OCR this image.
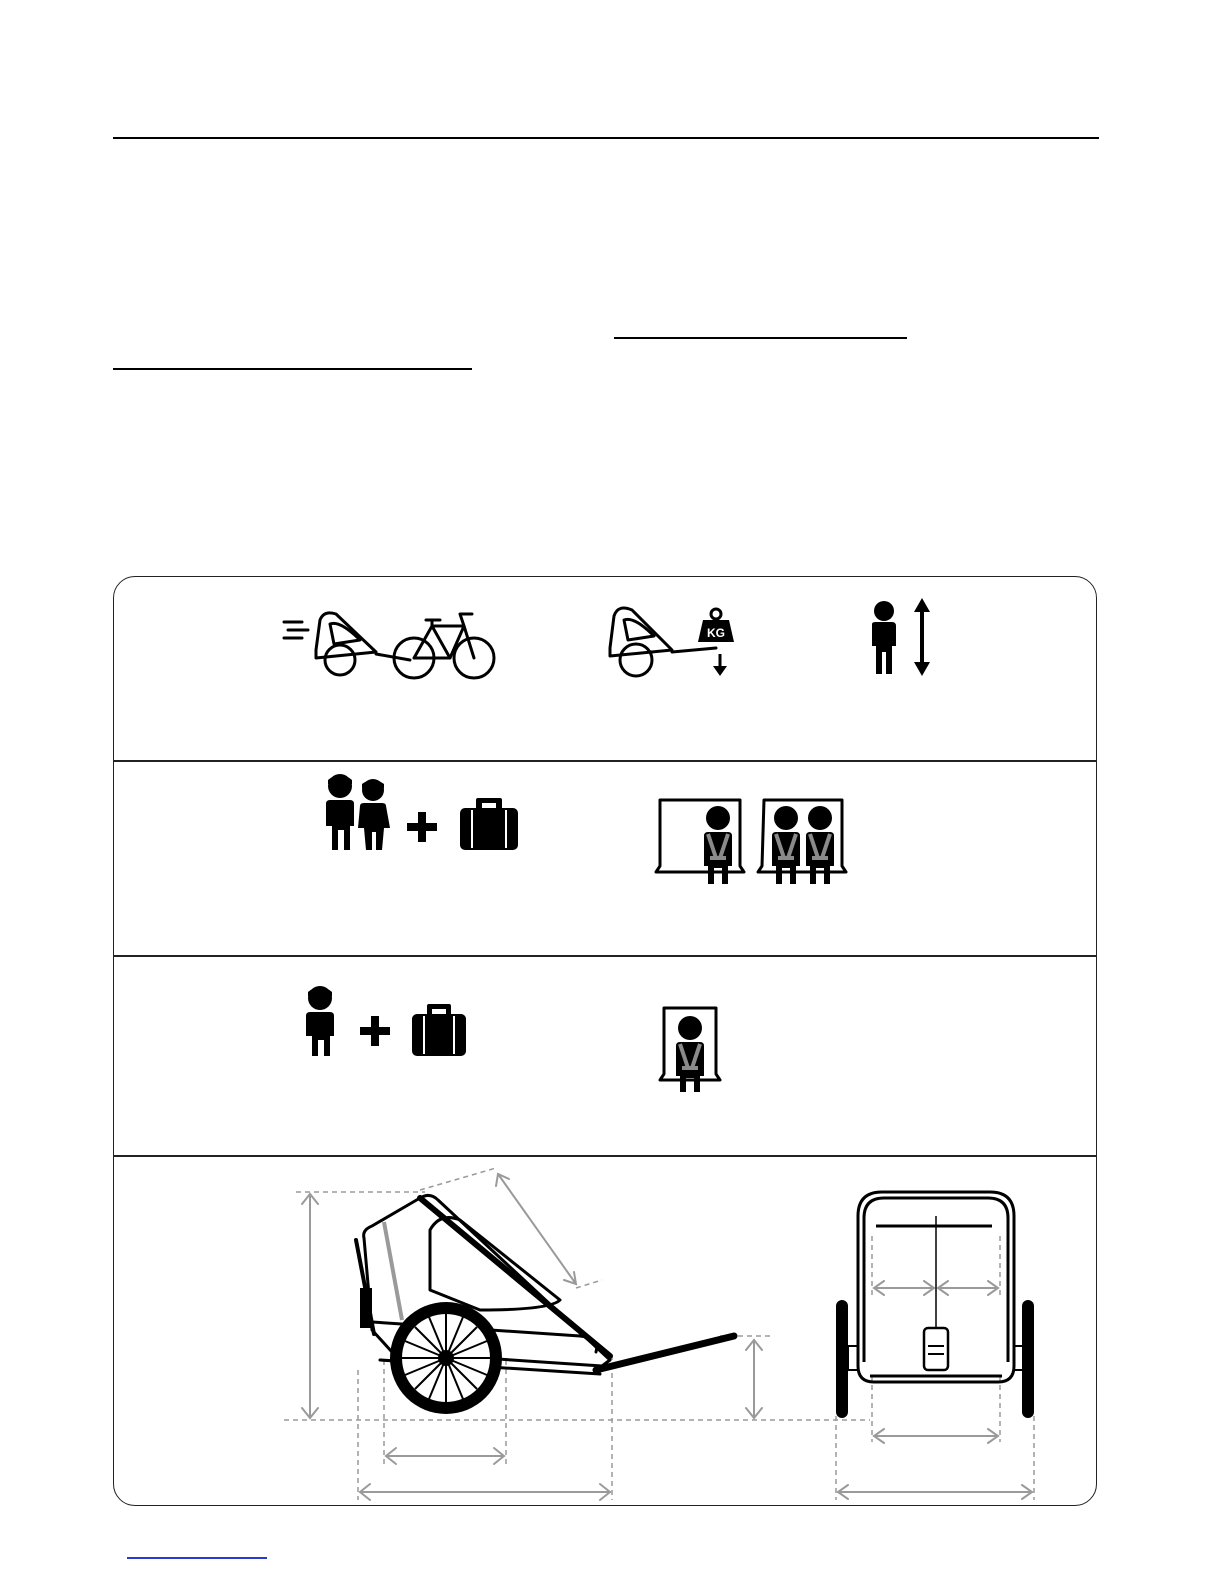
KG
